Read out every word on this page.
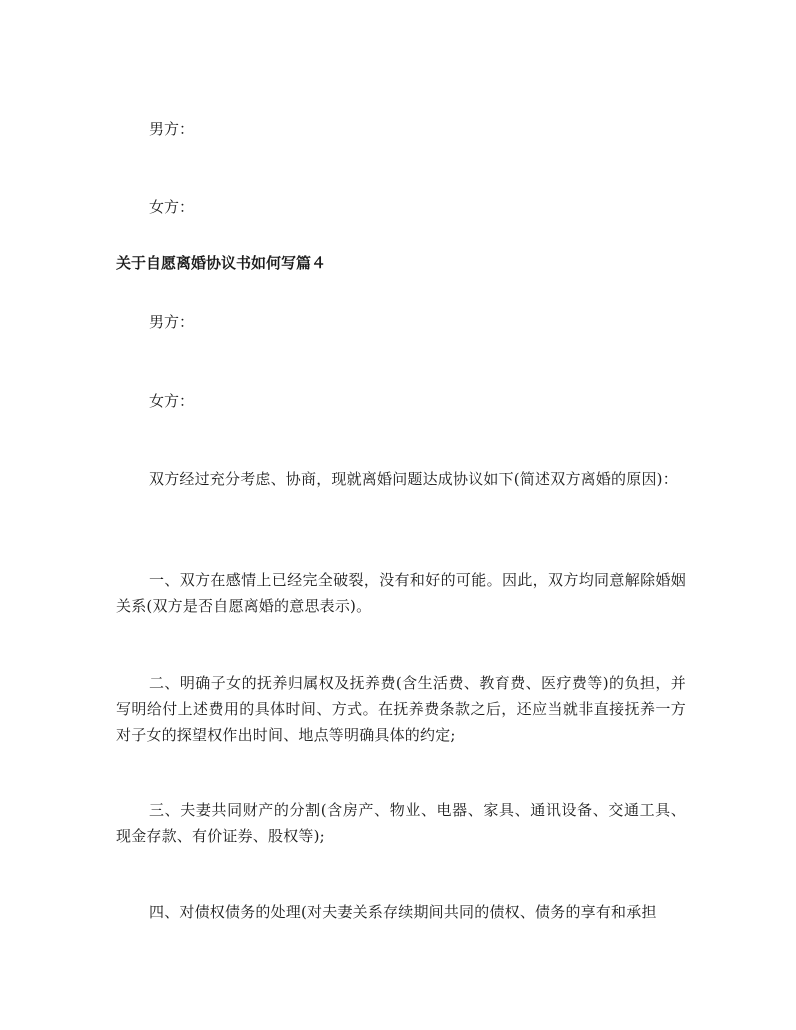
男方：

女方：

关于自愿离婚协议书如何写篇４

男方：

女方：

双方经过充分考虑、协商，现就离婚问题达成协议如下(简述双方离婚的原因)：

一、双方在感情上已经完全破裂，没有和好的可能。因此，双方均同意解除婚姻关系(双方是否自愿离婚的意思表示)。

二、明确子女的抚养归属权及抚养费(含生活费、教育费、医疗费等)的负担，并写明给付上述费用的具体时间、方式。在抚养费条款之后，还应当就非直接抚养一方对子女的探望权作出时间、地点等明确具体的约定;

三、夫妻共同财产的分割(含房产、物业、电器、家具、通讯设备、交通工具、现金存款、有价证券、股权等);

四、对债权债务的处理(对夫妻关系存续期间共同的债权、债务的享有和承担
